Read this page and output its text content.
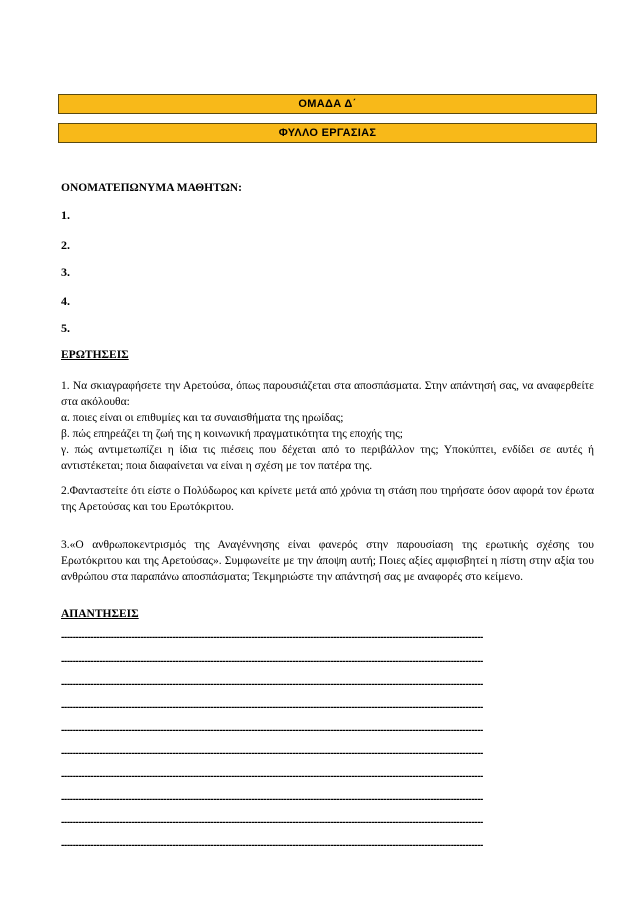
ΟΜΑΔΑ Δ΄
ΦΥΛΛΟ ΕΡΓΑΣΙΑΣ
ΟΝΟΜΑΤΕΠΩΝΥΜΑ ΜΑΘΗΤΩΝ:
1.
2.
3.
4.
5.
ΕΡΩΤΗΣΕΙΣ
1. Να σκιαγραφήσετε την Αρετούσα, όπως παρουσιάζεται στα αποσπάσματα. Στην απάντησή σας, να αναφερθείτε στα ακόλουθα:
α. ποιες είναι οι επιθυμίες και τα συναισθήματα της ηρωίδας;
β. πώς επηρεάζει τη ζωή της η κοινωνική πραγματικότητα της εποχής της;
γ. πώς αντιμετωπίζει η ίδια τις πιέσεις που δέχεται από το περιβάλλον της; Υποκύπτει, ενδίδει σε αυτές ή αντιστέκεται; ποια διαφαίνεται να είναι η σχέση με τον πατέρα της.
2.Φανταστείτε ότι είστε ο Πολύδωρος και κρίνετε μετά από χρόνια τη στάση που τηρήσατε όσον αφορά τον έρωτα της Αρετούσας και του Ερωτόκριτου.
3.«Ο ανθρωποκεντρισμός της Αναγέννησης είναι φανερός στην παρουσίαση της ερωτικής σχέσης του Ερωτόκριτου και της Αρετούσας». Συμφωνείτε με την άποψη αυτή; Ποιες αξίες αμφισβητεί η πίστη στην αξία του ανθρώπου στα παραπάνω αποσπάσματα; Τεκμηριώστε την απάντησή σας με αναφορές στο κείμενο.
ΑΠΑΝΤΗΣΕΙΣ
------------------------------------------------------------------------------------------------------------------------------------------------
------------------------------------------------------------------------------------------------------------------------------------------------
------------------------------------------------------------------------------------------------------------------------------------------------
------------------------------------------------------------------------------------------------------------------------------------------------
------------------------------------------------------------------------------------------------------------------------------------------------
------------------------------------------------------------------------------------------------------------------------------------------------
------------------------------------------------------------------------------------------------------------------------------------------------
------------------------------------------------------------------------------------------------------------------------------------------------
------------------------------------------------------------------------------------------------------------------------------------------------
------------------------------------------------------------------------------------------------------------------------------------------------
